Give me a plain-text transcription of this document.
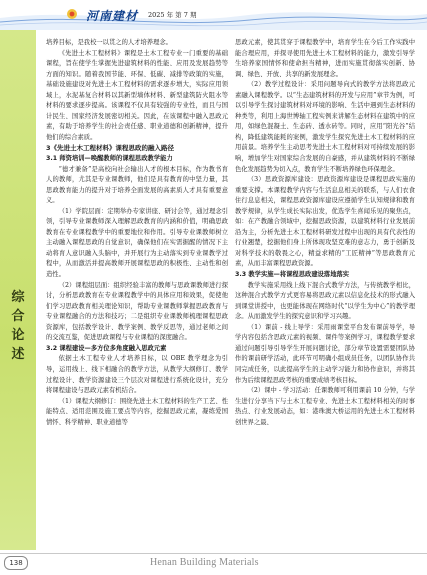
河南建材 2025 年 第 7 期
综合论述

培养目标，是我校一以贯之的人才培养理念。

《先进土木工程材料》课程是土木工程专业一门重要的基础课程，旨在使学生掌握先进建筑材料的性能、应用及发展趋势等方面的知识。随着我国节能、环保、低碳、减排等政策的实施，基础设施建设对先进土木工程材料的需求逐步增大，实际应用领域上，水泥基复合材料以其新型墙体材料、新型建筑防火阻水等材料的要求逐步提高。该课程不仅具有较强的专业性，而且与国计民生、国家经济发展密切相关。因此，在该课程中融入思政元素，有助于培养学生的社会责任感、职业道德和创新精神，提升他们的综合素质。

3《先进土木工程材料》课程思政的融入路径

3.1 师资培训—唤醒教师的课程思政教学能力

“德才兼备”是高校向社会输出人才的根本目标，作为教书育人的教师，尤其是专业课教师，他们是具有教育的中坚力量，其思政教育能力的提升对于培养全面发展的高素质人才具有重要意义。

（1）学院层面：定期举办专家讲座、研讨会等，通过理念引领，引导专业课教师深入理解思政教育的内涵和价值，明确思政教育在专业课程教学中的重要地位和作用。引导专业课教师树立主动融入课程思政的自觉意识，确保他们在实需掘醒的情况下主动将育人意识融入头脑中，并开展行为主动落实到专业课教学过程中，从而激活并提高教师开展课程思政的积极性、主动性和创造性。

（2）课程组层面：组织经验丰富的教师与思政课教师进行探讨，分析思政教育在专业课程教学中的具体应用和效果，促使他们学习思政教育相关理论知识，帮助专业课教师掌握思政教育与专业课程融合的方法和技巧；二是组织专业课教师梳理课程思政资源库，包括教学设计、教学案例、教学反思等，通过老师之间的交流互鉴，促进思政课程与专业课程的深度融合。

3.2 课程建设—多方位多角度融入思政元素

依据土木工程专业人才培养目标，以 OBE 教学理念为引导，运用线上、线下相融合的教学方法，从教学大纲修订、教学过程设计、教学资源建设三个层次对课程进行系统化设计，充分将课程建设与思政元素有机结合。

（1）课程大纲修订：围绕先进土木工程材料的生产工艺、性能特点、适用范围及施工要点等内容，挖掘思政元素，凝练爱国情怀、科学精神、职业道德等

思政元素，使其贯穿于课程教学中，培育学生在今后工作实践中能合理应用，并探寻使用先进土木工程材料的能力，激发引导学生培养家国情怀和使命担当精神，进而实施贯彻落实创新、协调、绿色、开放、共享的新发展理念。

（2）教学过程设计：采用问题导向式的教学方法将思政元素融入课程教学。以“生态建筑材料的开发与应用”章节为例，可以引导学生探讨建筑材料对环境的影响、生活中遇到生态材料的种类等，利用上海世博轴工程实例来讲解生态材料在建筑中的应用，如绿色混凝土、生态砖、透水砖等。同时，应用“阳光谷”结构，降低建筑能耗的案例，激发学生探究先进土木工程材料的应用前景。培养学生主动思考先进土木工程材料对可持续发展的影响，增加学生对国家综合发展的自豪感，并从建筑材料的不断绿色化发展趋势为切入点，教育学生不断培养绿色环保理念。

（3）思政资源库建设：思政资源库建设是课程思政实施的重要支撑。本课程教学内容与生活息息相关的联系，与人们衣食住行息息相关，课程思政资源库建设应遵循学生认知规律和教育教学规律，从学生成长实际出发，优选学生喜闻乐见的聚焦点，如：在产教融合领域中，挖掘思政资源，以建筑材料行业发展前沿为主，分析先进土木工程材料研发过程中出现的具有代表性的行业翘楚，挖掘他们身上所体现攻坚克难的意志力，勇于创新及对科学技术的敬畏之心，精益求精的“工匠精神”等思政教育元素，从而丰富课程思政资源。

3.3 教学实施—将课程思政建设落地落实

教学实施采用线上线下混合式教学方法，与传统教学相比，这种混合式教学方式更容易将思政元素以信息化技术的形式融入到课堂讲授中，也更能体现在网络时代“以学生为中心”的教学理念。从而激发学生的探究意识和学习兴趣。

（1）课前 - 线上导学：采用雨课堂平台发布课前导学，导学内容包括含思政元素的视频、课件等案例学习，课程教学要求通过问题引导引导学生开展问题讨论，部分章节设置需要团队协作的课前研学活动，此环节可明确小组成员任务，以团队协作共同完成任务，以此提高学生的主动学习能力和协作意识，并将其作为后续课程思政考核的重要成绩考核目标。

（2）课中 - 学习活动：任课教师可利用课前 10 分钟，与学生进行分享当下与土木工程专业、先进土木工程材料相关的时事热点、行业发展动态，如：港珠澳大桥运用的先进土木工程材料创世界之最、

138	Henan Building Materials
